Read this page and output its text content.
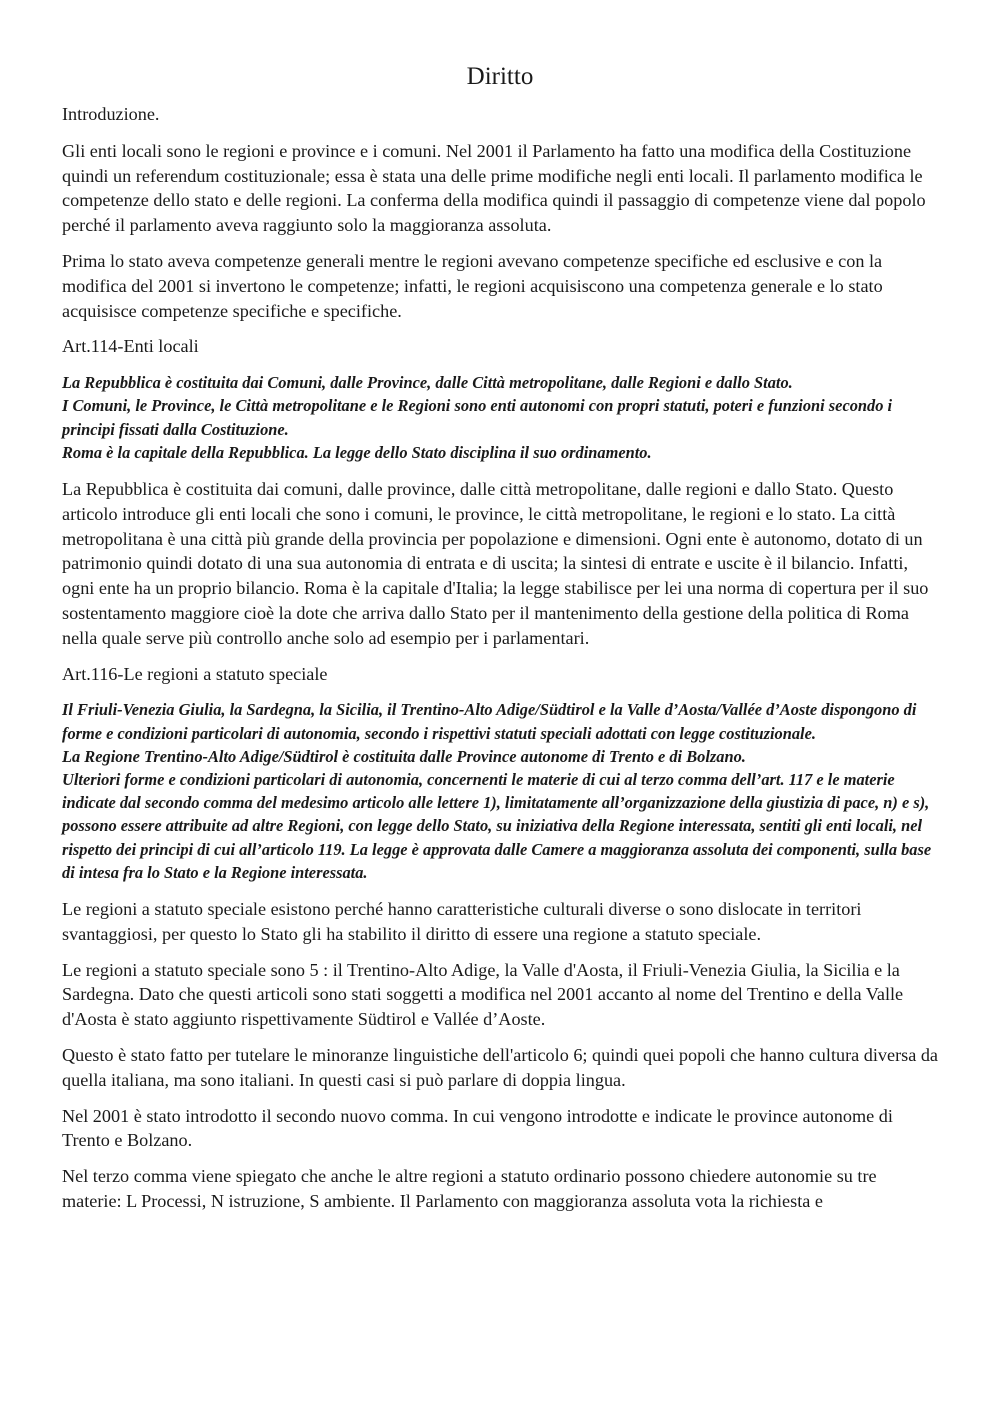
Diritto

Introduzione.

Gli enti locali sono le regioni e province e i comuni. Nel 2001 il Parlamento ha fatto una modifica della Costituzione quindi un referendum costituzionale; essa è stata una delle prime modifiche negli enti locali. Il parlamento modifica le competenze dello stato e delle regioni. La conferma della modifica quindi il passaggio di competenze viene dal popolo perché il parlamento aveva raggiunto solo la maggioranza assoluta.

Prima lo stato aveva competenze generali mentre le regioni avevano competenze specifiche ed esclusive e con la modifica del 2001 si invertono le competenze; infatti, le regioni acquisiscono una competenza generale e lo stato acquisisce competenze specifiche e specifiche.

Art.114-Enti locali

La Repubblica è costituita dai Comuni, dalle Province, dalle Città metropolitane, dalle Regioni e dallo Stato.

I Comuni, le Province, le Città metropolitane e le Regioni sono enti autonomi con propri statuti, poteri e funzioni secondo i principi fissati dalla Costituzione.

Roma è la capitale della Repubblica. La legge dello Stato disciplina il suo ordinamento.

La Repubblica è costituita dai comuni, dalle province, dalle città metropolitane, dalle regioni e dallo Stato. Questo articolo introduce gli enti locali che sono i comuni, le province, le città metropolitane, le regioni e lo stato. La città metropolitana è una città più grande della provincia per popolazione e dimensioni. Ogni ente è autonomo, dotato di un patrimonio quindi dotato di una sua autonomia di entrata e di uscita; la sintesi di entrate e uscite è il bilancio. Infatti, ogni ente ha un proprio bilancio. Roma è la capitale d'Italia; la legge stabilisce per lei una norma di copertura per il suo sostentamento maggiore cioè la dote che arriva dallo Stato per il mantenimento della gestione della politica di Roma nella quale serve più controllo anche solo ad esempio per i parlamentari.

Art.116-Le regioni a statuto speciale

Il Friuli-Venezia Giulia, la Sardegna, la Sicilia, il Trentino-Alto Adige/Südtirol e la Valle d’Aosta/Vallée d’Aoste dispongono di forme e condizioni particolari di autonomia, secondo i rispettivi statuti speciali adottati con legge costituzionale.

La Regione Trentino-Alto Adige/Südtirol è costituita dalle Province autonome di Trento e di Bolzano.

Ulteriori forme e condizioni particolari di autonomia, concernenti le materie di cui al terzo comma dell’art. 117 e le materie indicate dal secondo comma del medesimo articolo alle lettere 1), limitatamente all’organizzazione della giustizia di pace, n) e s), possono essere attribuite ad altre Regioni, con legge dello Stato, su iniziativa della Regione interessata, sentiti gli enti locali, nel rispetto dei principi di cui all’articolo 119. La legge è approvata dalle Camere a maggioranza assoluta dei componenti, sulla base di intesa fra lo Stato e la Regione interessata.

Le regioni a statuto speciale esistono perché hanno caratteristiche culturali diverse o sono dislocate in territori svantaggiosi, per questo lo Stato gli ha stabilito il diritto di essere una regione a statuto speciale.

Le regioni a statuto speciale sono 5 : il Trentino-Alto Adige, la Valle d'Aosta, il Friuli-Venezia Giulia, la Sicilia e la Sardegna. Dato che questi articoli sono stati soggetti a modifica nel 2001 accanto al nome del Trentino e della Valle d'Aosta è stato aggiunto rispettivamente Südtirol e Vallée d’Aoste.

Questo è stato fatto per tutelare le minoranze linguistiche dell'articolo 6; quindi quei popoli che hanno cultura diversa da quella italiana, ma sono italiani. In questi casi si può parlare di doppia lingua.

Nel 2001 è stato introdotto il secondo nuovo comma. In cui vengono introdotte e indicate le province autonome di Trento e Bolzano.

Nel terzo comma viene spiegato che anche le altre regioni a statuto ordinario possono chiedere autonomie su tre materie: L Processi, N istruzione, S ambiente. Il Parlamento con maggioranza assoluta vota la richiesta e
